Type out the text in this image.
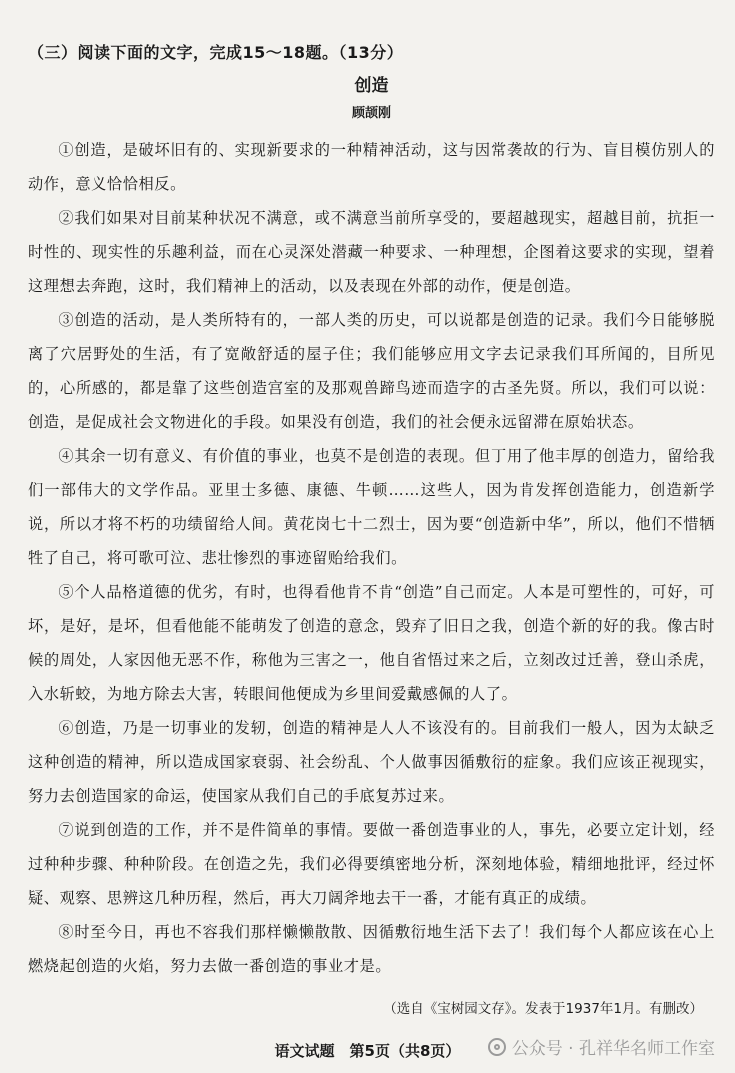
（三）阅读下面的文字，完成15～18题。（13分）

创造

顾颉刚

①创造，是破坏旧有的、实现新要求的一种精神活动，这与因常袭故的行为、盲目模仿别人的动作，意义恰恰相反。

②我们如果对目前某种状况不满意，或不满意当前所享受的，要超越现实，超越目前，抗拒一时性的、现实性的乐趣利益，而在心灵深处潜藏一种要求、一种理想，企图着这要求的实现，望着这理想去奔跑，这时，我们精神上的活动，以及表现在外部的动作，便是创造。

③创造的活动，是人类所特有的，一部人类的历史，可以说都是创造的记录。我们今日能够脱离了穴居野处的生活，有了宽敞舒适的屋子住；我们能够应用文字去记录我们耳所闻的，目所见的，心所感的，都是靠了这些创造宫室的及那观兽蹄鸟迹而造字的古圣先贤。所以，我们可以说：创造，是促成社会文物进化的手段。如果没有创造，我们的社会便永远留滞在原始状态。

④其余一切有意义、有价值的事业，也莫不是创造的表现。但丁用了他丰厚的创造力，留给我们一部伟大的文学作品。亚里士多德、康德、牛顿……这些人，因为肯发挥创造能力，创造新学说，所以才将不朽的功绩留给人间。黄花岗七十二烈士，因为要“创造新中华”，所以，他们不惜牺牲了自己，将可歌可泣、悲壮惨烈的事迹留贻给我们。

⑤个人品格道德的优劣，有时，也得看他肯不肯“创造”自己而定。人本是可塑性的，可好，可坏，是好，是坏，但看他能不能萌发了创造的意念，毁弃了旧日之我，创造个新的好的我。像古时候的周处，人家因他无恶不作，称他为三害之一，他自省悟过来之后，立刻改过迁善，登山杀虎，入水斩蛟，为地方除去大害，转眼间他便成为乡里间爱戴感佩的人了。

⑥创造，乃是一切事业的发轫，创造的精神是人人不该没有的。目前我们一般人，因为太缺乏这种创造的精神，所以造成国家衰弱、社会纷乱、个人做事因循敷衍的症象。我们应该正视现实，努力去创造国家的命运，使国家从我们自己的手底复苏过来。

⑦说到创造的工作，并不是件简单的事情。要做一番创造事业的人，事先，必要立定计划，经过种种步骤、种种阶段。在创造之先，我们必得要缜密地分析，深刻地体验，精细地批评，经过怀疑、观察、思辨这几种历程，然后，再大刀阔斧地去干一番，才能有真正的成绩。

⑧时至今日，再也不容我们那样懒懒散散、因循敷衍地生活下去了！我们每个人都应该在心上燃烧起创造的火焰，努力去做一番创造的事业才是。

（选自《宝树园文存》。发表于1937年1月。有删改）

语文试题　第5页（共8页）	公众号 · 孔祥华名师工作室
